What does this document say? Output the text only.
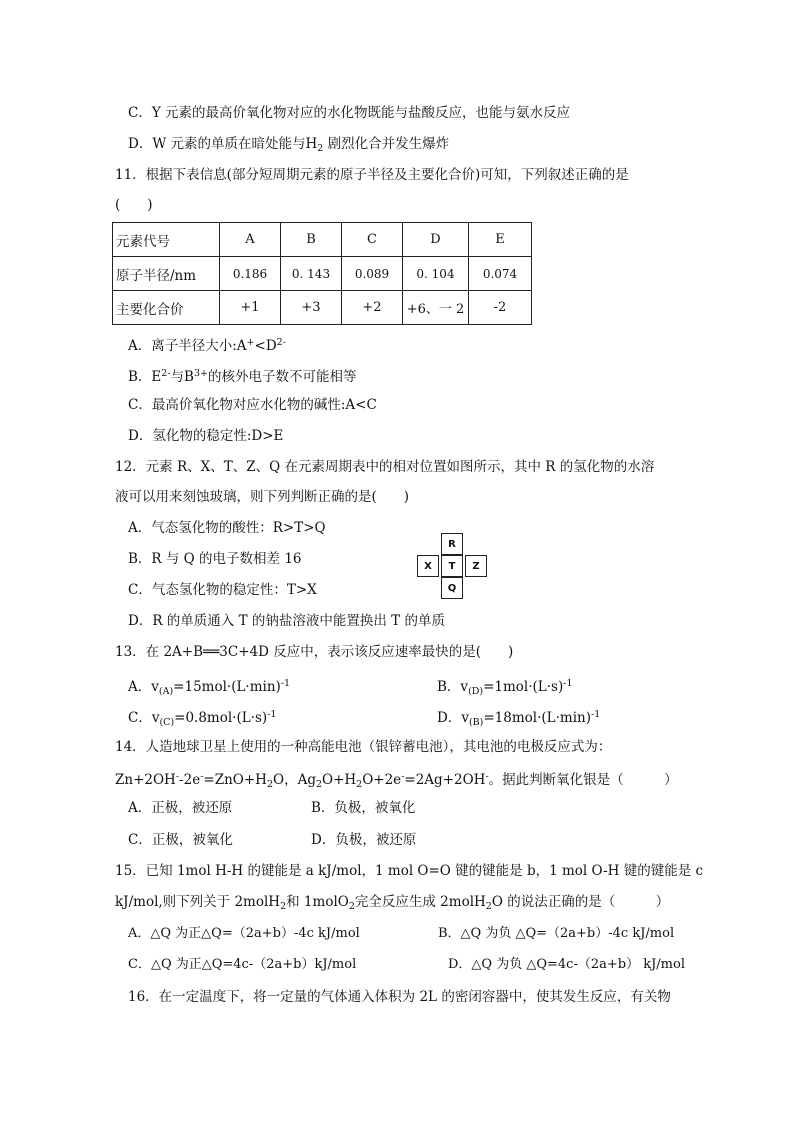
C．Y 元素的最高价氧化物对应的水化物既能与盐酸反应，也能与氨水反应
D．W 元素的单质在暗处能与$H_2$ 剧烈化合并发生爆炸
11．根据下表信息(部分短周期元素的原子半径及主要化合价)可知，下列叙述正确的是
(　　)
元素代号	A	B	C	D	E
原子半径/nm	0.186	0. 143	0.089	0. 104	0.074
主要化合价	+1	+3	+2	+6、一 2	-2
A．离子半径大小$:A^+<D^{2-}$
B．$E^{2-}$与$B^{3+}$的核外电子数不可能相等
C．最高价氧化物对应水化物的碱性:A<C
D．氢化物的稳定性:D>E
12．元素 R、X、T、Z、Q 在元素周期表中的相对位置如图所示，其中 R 的氢化物的水溶
液可以用来刻蚀玻璃，则下列判断正确的是(　　)
A．气态氢化物的酸性：R>T>Q
B．R 与 Q 的电子数相差 16
C．气态氢化物的稳定性：T>X
D．R 的单质通入 T 的钠盐溶液中能置换出 T 的单质
R
X	T	Z
Q
13．在 2A+B══3C+4D 反应中，表示该反应速率最快的是(　　)
A．$v_{(A)}=15mol\cdot(L\cdot\min)^{-1}$	B．$v_{(D)}=1mol\cdot(L\cdot s)^{-1}$
C．$v_{(C)}=0.8mol\cdot(L\cdot s)^{-1}$	D．$v_{(B)}=18mol\cdot(L\cdot\min)^{-1}$
14．人造地球卫星上使用的一种高能电池（银锌蓄电池），其电池的电极反应式为：
$Zn+2OH^--2e^-=ZnO+H_2O$，$Ag_2O+H_2O+2e^-=2Ag+2OH^-$。据此判断氧化银是（　　　）
A．正极，被还原	B．负极，被氧化
C．正极，被氧化	D．负极，被还原
15．已知 1mol H-H 的键能是 a kJ/mol，1 mol O=O 键的键能是 b，1 mol O-H 键的键能是 c
kJ/mol,则下列关于 2molH$_2$和 1molO$_2$完全反应生成 2molH$_2$O 的说法正确的是（　　　）
A．△Q 为正△Q=（2a+b）-4c kJ/mol	B．△Q 为负 △Q=（2a+b）-4c kJ/mol
C．△Q 为正△Q=4c-（2a+b）kJ/mol	D．△Q 为负 △Q=4c-（2a+b） kJ/mol
16．在一定温度下，将一定量的气体通入体积为 2L 的密闭容器中，使其发生反应，有关物
